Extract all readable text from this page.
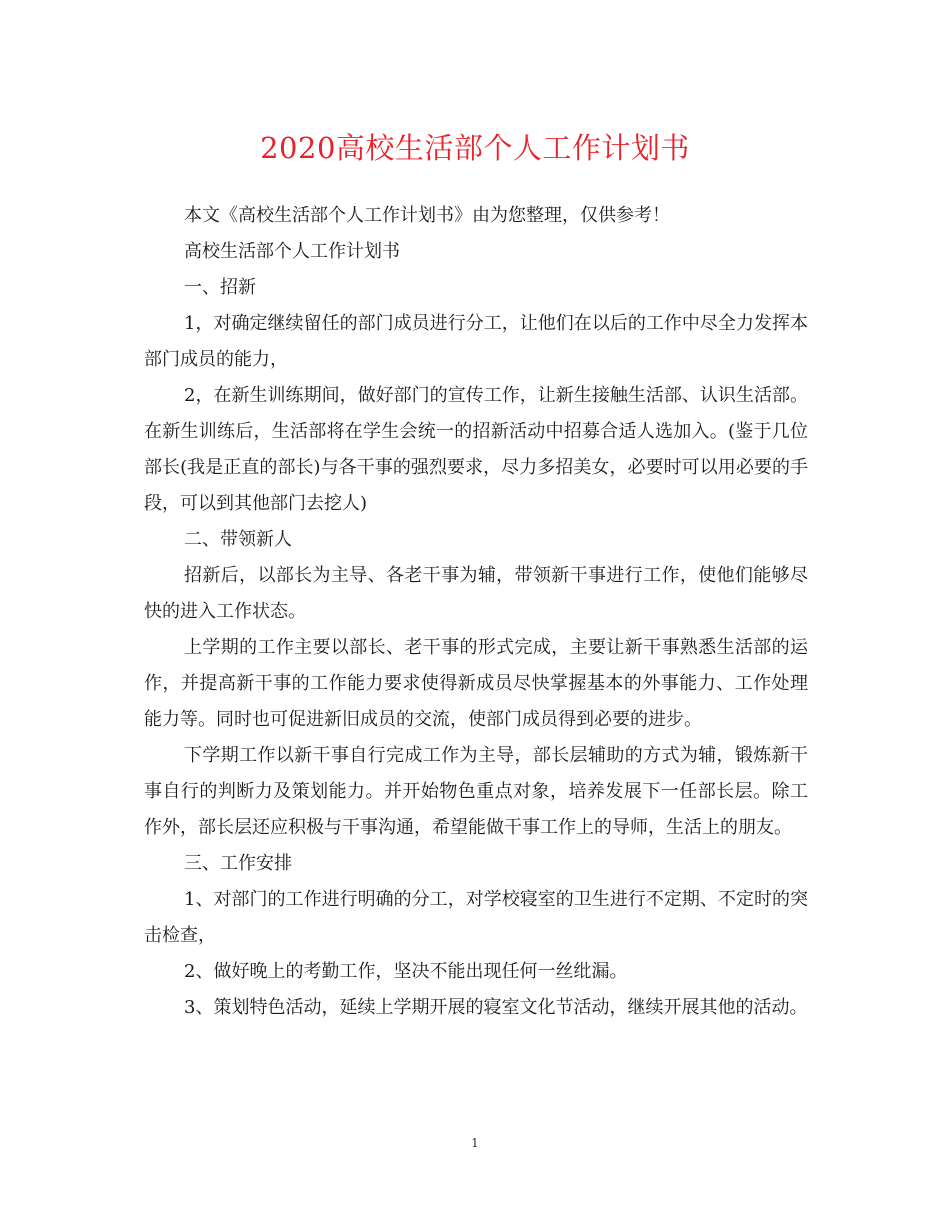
2020高校生活部个人工作计划书

本文《高校生活部个人工作计划书》由为您整理，仅供参考！

高校生活部个人工作计划书

一、招新

1，对确定继续留任的部门成员进行分工，让他们在以后的工作中尽全力发挥本部门成员的能力，

2，在新生训练期间，做好部门的宣传工作，让新生接触生活部、认识生活部。在新生训练后，生活部将在学生会统一的招新活动中招募合适人选加入。(鉴于几位部长(我是正直的部长)与各干事的强烈要求，尽力多招美女，必要时可以用必要的手段，可以到其他部门去挖人)

二、带领新人

招新后，以部长为主导、各老干事为辅，带领新干事进行工作，使他们能够尽快的进入工作状态。

上学期的工作主要以部长、老干事的形式完成，主要让新干事熟悉生活部的运作，并提高新干事的工作能力要求使得新成员尽快掌握基本的外事能力、工作处理能力等。同时也可促进新旧成员的交流，使部门成员得到必要的进步。

下学期工作以新干事自行完成工作为主导，部长层辅助的方式为辅，锻炼新干事自行的判断力及策划能力。并开始物色重点对象，培养发展下一任部长层。除工作外，部长层还应积极与干事沟通，希望能做干事工作上的导师，生活上的朋友。

三、工作安排

1、对部门的工作进行明确的分工，对学校寝室的卫生进行不定期、不定时的突击检查，

2、做好晚上的考勤工作，坚决不能出现任何一丝纰漏。

3、策划特色活动，延续上学期开展的寝室文化节活动，继续开展其他的活动。

1
